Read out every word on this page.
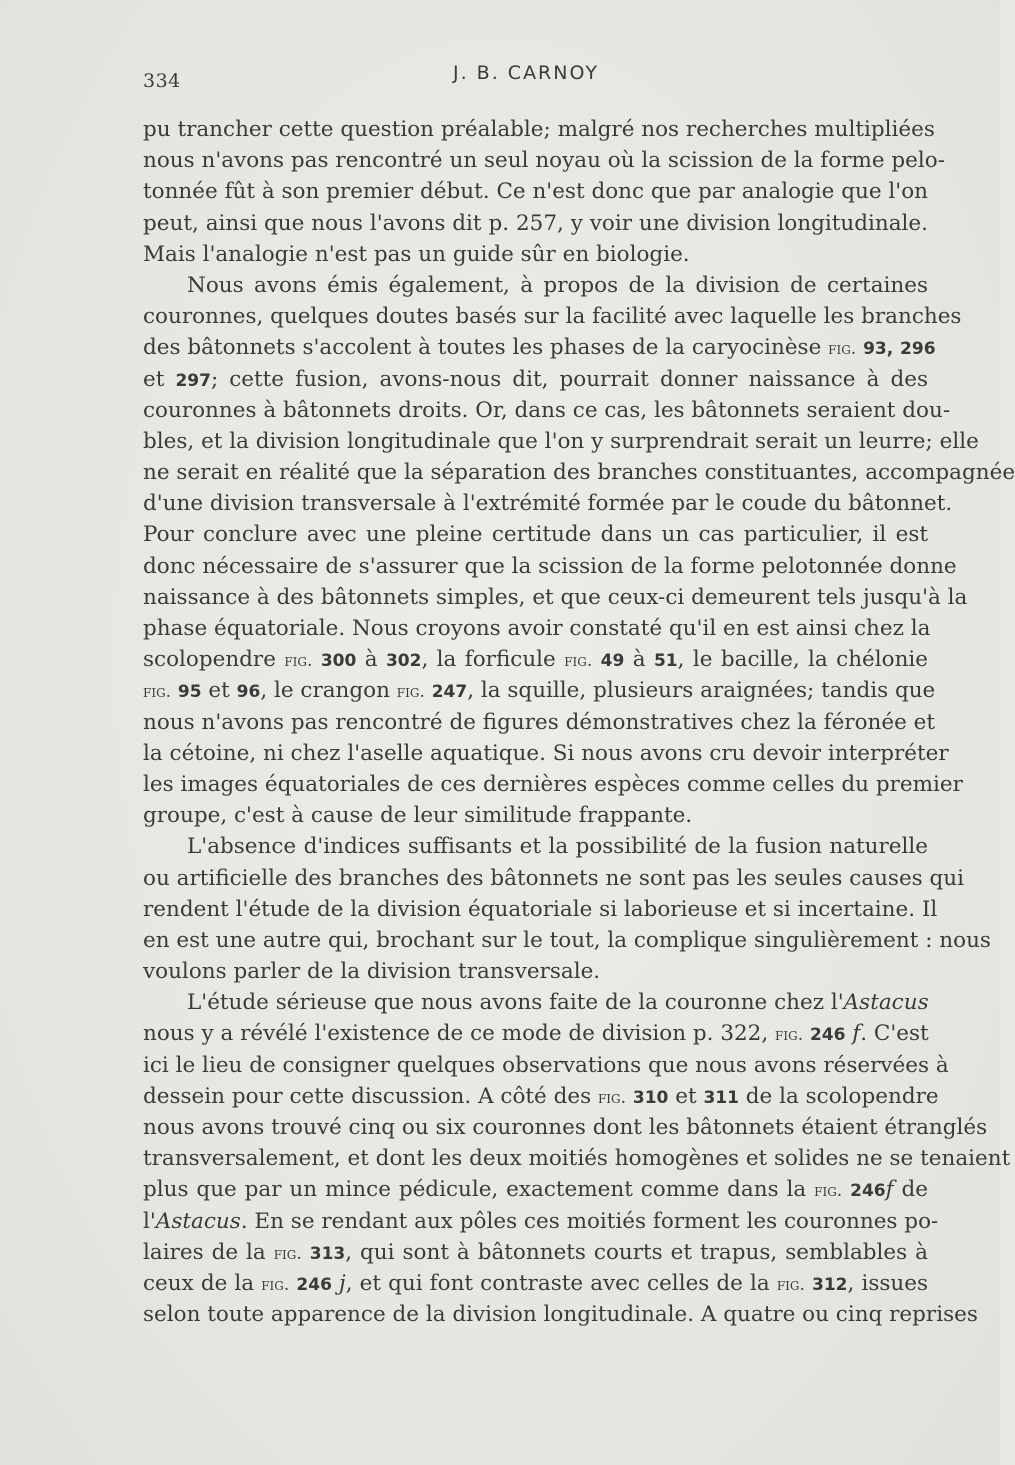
334	J. B. CARNOY

pu trancher cette question préalable; malgré nos recherches multipliées
nous n'avons pas rencontré un seul noyau où la scission de la forme pelo-
tonnée fût à son premier début. Ce n'est donc que par analogie que l'on
peut, ainsi que nous l'avons dit p. 257, y voir une division longitudinale.
Mais l'analogie n'est pas un guide sûr en biologie.

Nous avons émis également, à propos de la division de certaines
couronnes, quelques doutes basés sur la facilité avec laquelle les branches
des bâtonnets s'accolent à toutes les phases de la caryocinèse fig. 93, 296
et 297; cette fusion, avons-nous dit, pourrait donner naissance à des
couronnes à bâtonnets droits. Or, dans ce cas, les bâtonnets seraient dou-
bles, et la division longitudinale que l'on y surprendrait serait un leurre; elle
ne serait en réalité que la séparation des branches constituantes, accompagnée
d'une division transversale à l'extrémité formée par le coude du bâtonnet.
Pour conclure avec une pleine certitude dans un cas particulier, il est
donc nécessaire de s'assurer que la scission de la forme pelotonnée donne
naissance à des bâtonnets simples, et que ceux-ci demeurent tels jusqu'à la
phase équatoriale. Nous croyons avoir constaté qu'il en est ainsi chez la
scolopendre fig. 300 à 302, la forficule fig. 49 à 51, le bacille, la chélonie
fig. 95 et 96, le crangon fig. 247, la squille, plusieurs araignées; tandis que
nous n'avons pas rencontré de figures démonstratives chez la féronée et
la cétoine, ni chez l'aselle aquatique. Si nous avons cru devoir interpréter
les images équatoriales de ces dernières espèces comme celles du premier
groupe, c'est à cause de leur similitude frappante.

L'absence d'indices suffisants et la possibilité de la fusion naturelle
ou artificielle des branches des bâtonnets ne sont pas les seules causes qui
rendent l'étude de la division équatoriale si laborieuse et si incertaine. Il
en est une autre qui, brochant sur le tout, la complique singulièrement : nous
voulons parler de la division transversale.

L'étude sérieuse que nous avons faite de la couronne chez l'Astacus
nous y a révélé l'existence de ce mode de division p. 322, fig. 246 f. C'est
ici le lieu de consigner quelques observations que nous avons réservées à
dessein pour cette discussion. A côté des fig. 310 et 311 de la scolopendre
nous avons trouvé cinq ou six couronnes dont les bâtonnets étaient étranglés
transversalement, et dont les deux moitiés homogènes et solides ne se tenaient
plus que par un mince pédicule, exactement comme dans la fig. 246f de
l'Astacus. En se rendant aux pôles ces moitiés forment les couronnes po-
laires de la fig. 313, qui sont à bâtonnets courts et trapus, semblables à
ceux de la fig. 246 j, et qui font contraste avec celles de la fig. 312, issues
selon toute apparence de la division longitudinale. A quatre ou cinq reprises
